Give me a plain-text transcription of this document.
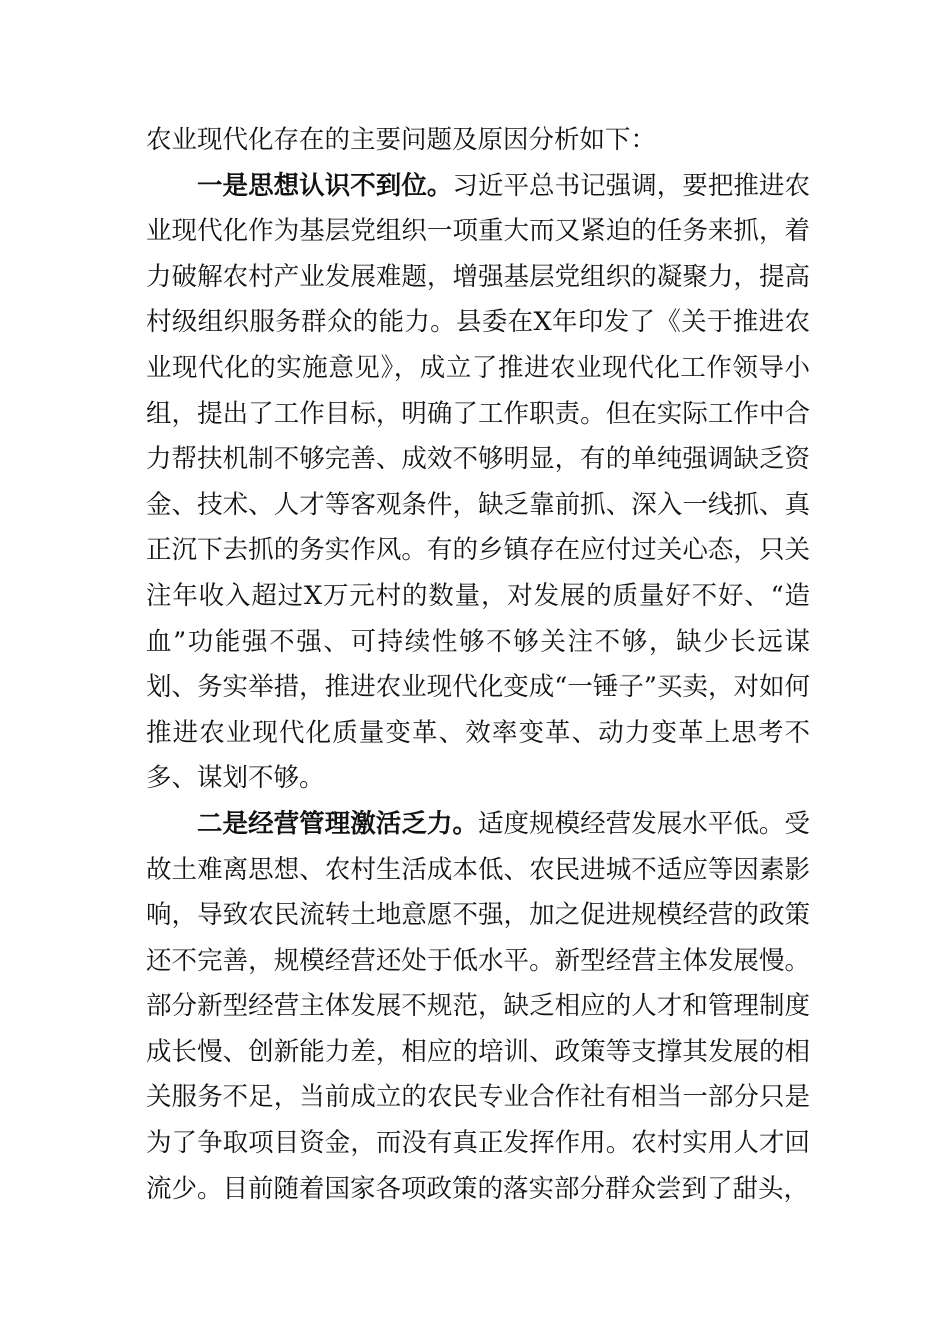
农业现代化存在的主要问题及原因分析如下：

一是思想认识不到位。习近平总书记强调，要把推进农业现代化作为基层党组织一项重大而又紧迫的任务来抓，着力破解农村产业发展难题，增强基层党组织的凝聚力，提高村级组织服务群众的能力。县委在X年印发了《关于推进农业现代化的实施意见》，成立了推进农业现代化工作领导小组，提出了工作目标，明确了工作职责。但在实际工作中合力帮扶机制不够完善、成效不够明显，有的单纯强调缺乏资金、技术、人才等客观条件，缺乏靠前抓、深入一线抓、真正沉下去抓的务实作风。有的乡镇存在应付过关心态，只关注年收入超过X万元村的数量，对发展的质量好不好、“造血”功能强不强、可持续性够不够关注不够，缺少长远谋划、务实举措，推进农业现代化变成“一锤子”买卖，对如何推进农业现代化质量变革、效率变革、动力变革上思考不多、谋划不够。

二是经营管理激活乏力。适度规模经营发展水平低。受故土难离思想、农村生活成本低、农民进城不适应等因素影响，导致农民流转土地意愿不强，加之促进规模经营的政策还不完善，规模经营还处于低水平。新型经营主体发展慢。部分新型经营主体发展不规范，缺乏相应的人才和管理制度成长慢、创新能力差，相应的培训、政策等支撑其发展的相关服务不足，当前成立的农民专业合作社有相当一部分只是为了争取项目资金，而没有真正发挥作用。农村实用人才回流少。目前随着国家各项政策的落实部分群众尝到了甜头，
